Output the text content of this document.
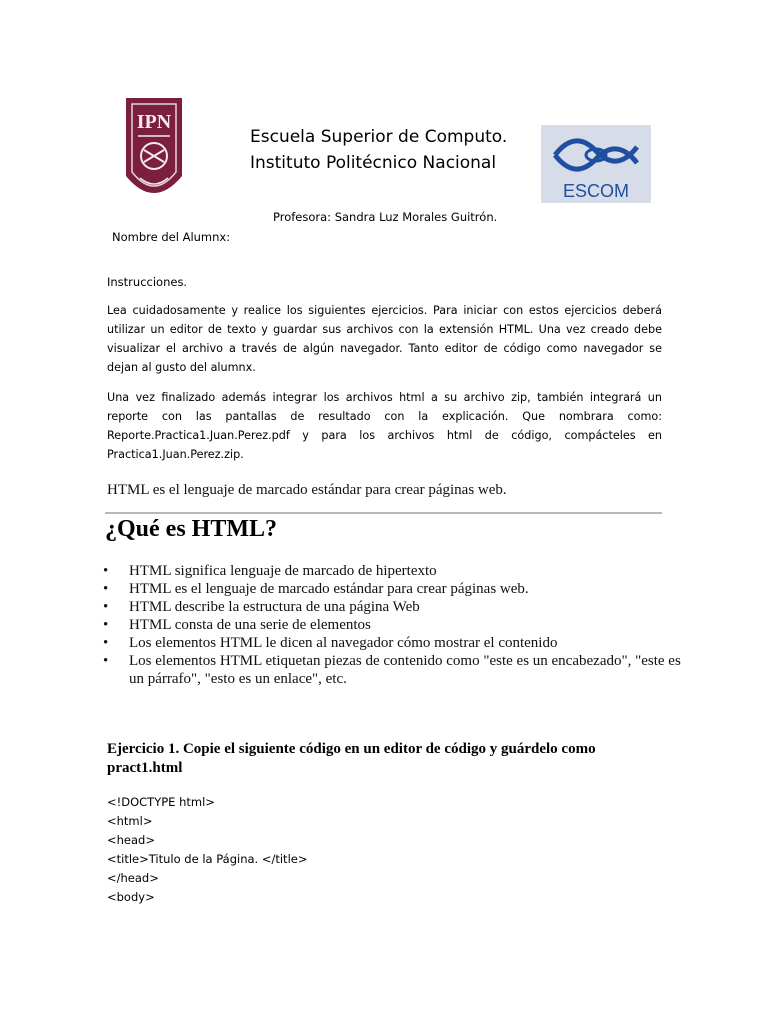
IPN
Escuela Superior de Computo.
Instituto Politécnico Nacional
ESCOM
Profesora: Sandra Luz Morales Guitrón.
Nombre del Alumnx:
Instrucciones.

Lea cuidadosamente y realice los siguientes ejercicios. Para iniciar con estos ejercicios deberá utilizar un editor de texto y guardar sus archivos con la extensión HTML. Una vez creado debe visualizar el archivo a través de algún navegador. Tanto editor de código como navegador se dejan al gusto del alumnx.

Una vez finalizado además integrar los archivos html a su archivo zip, también integrará un reporte con las pantallas de resultado con la explicación. Que nombrara como: Reporte.Practica1.Juan.Perez.pdf y para los archivos html de código, compácteles en Practica1.Juan.Perez.zip.

HTML es el lenguaje de marcado estándar para crear páginas web.
¿Qué es HTML?
• HTML significa lenguaje de marcado de hipertexto
• HTML es el lenguaje de marcado estándar para crear páginas web.
• HTML describe la estructura de una página Web
• HTML consta de una serie de elementos
• Los elementos HTML le dicen al navegador cómo mostrar el contenido
• Los elementos HTML etiquetan piezas de contenido como "este es un encabezado", "este es un párrafo", "esto es un enlace", etc.
Ejercicio 1. Copie el siguiente código en un editor de código y guárdelo como pract1.html
<!DOCTYPE html>
<html>
<head>
<title>Titulo de la Página. </title>
</head>
<body>
